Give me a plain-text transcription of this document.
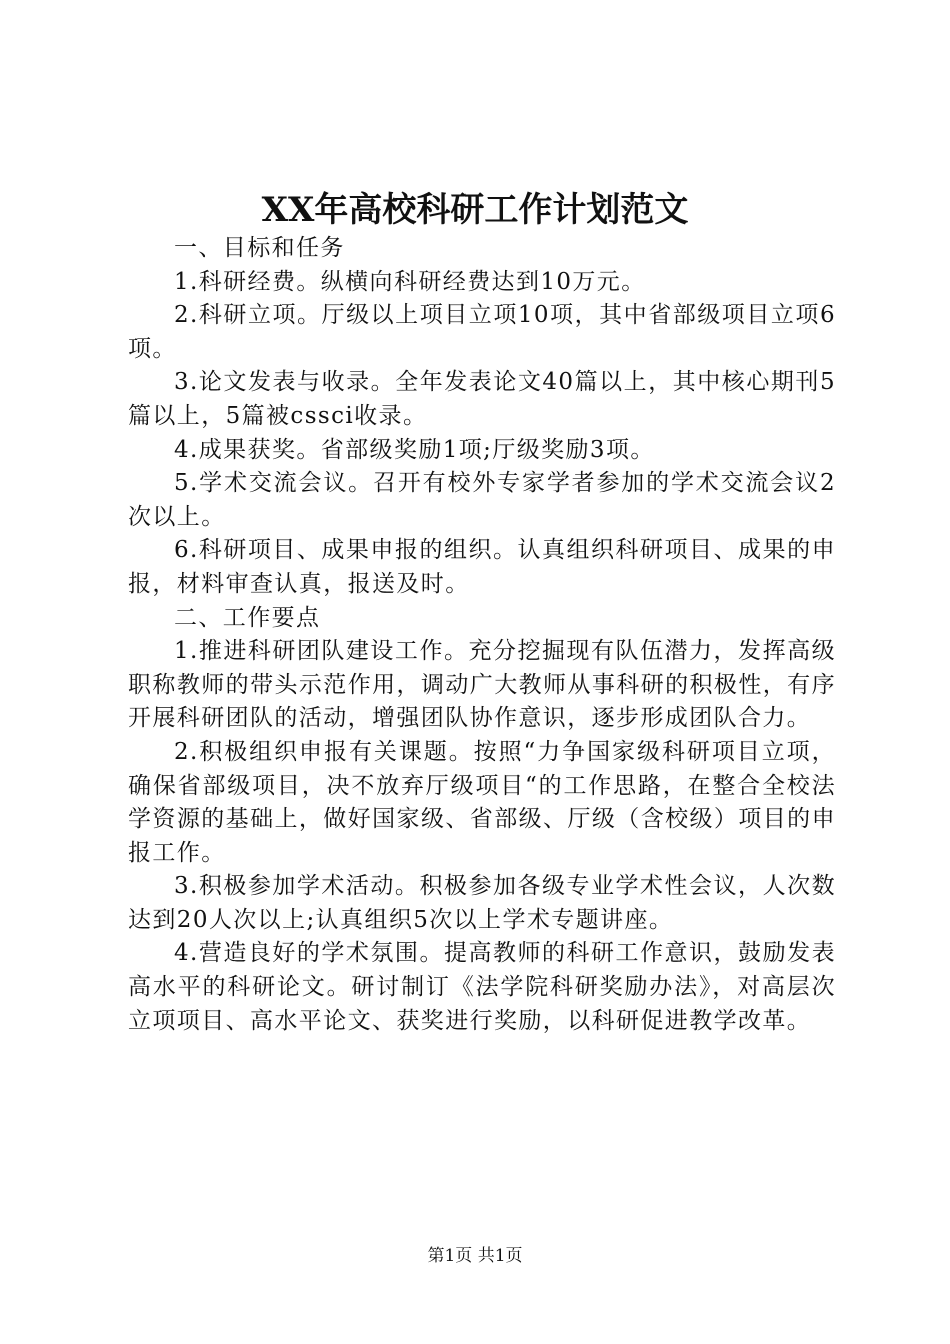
XX年高校科研工作计划范文

一、目标和任务

1.科研经费。纵横向科研经费达到10万元。

2.科研立项。厅级以上项目立项10项，其中省部级项目立项6项。

3.论文发表与收录。全年发表论文40篇以上，其中核心期刊5篇以上，5篇被cssci收录。

4.成果获奖。省部级奖励1项;厅级奖励3项。

5.学术交流会议。召开有校外专家学者参加的学术交流会议2次以上。

6.科研项目、成果申报的组织。认真组织科研项目、成果的申报，材料审查认真，报送及时。

二、工作要点

1.推进科研团队建设工作。充分挖掘现有队伍潜力，发挥高级职称教师的带头示范作用，调动广大教师从事科研的积极性，有序开展科研团队的活动，增强团队协作意识，逐步形成团队合力。

2.积极组织申报有关课题。按照“力争国家级科研项目立项，确保省部级项目，决不放弃厅级项目“的工作思路，在整合全校法学资源的基础上，做好国家级、省部级、厅级（含校级）项目的申报工作。

3.积极参加学术活动。积极参加各级专业学术性会议，人次数达到20人次以上;认真组织5次以上学术专题讲座。

4.营造良好的学术氛围。提高教师的科研工作意识，鼓励发表高水平的科研论文。研讨制订《法学院科研奖励办法》，对高层次立项项目、高水平论文、获奖进行奖励，以科研促进教学改革。

第1页 共1页
